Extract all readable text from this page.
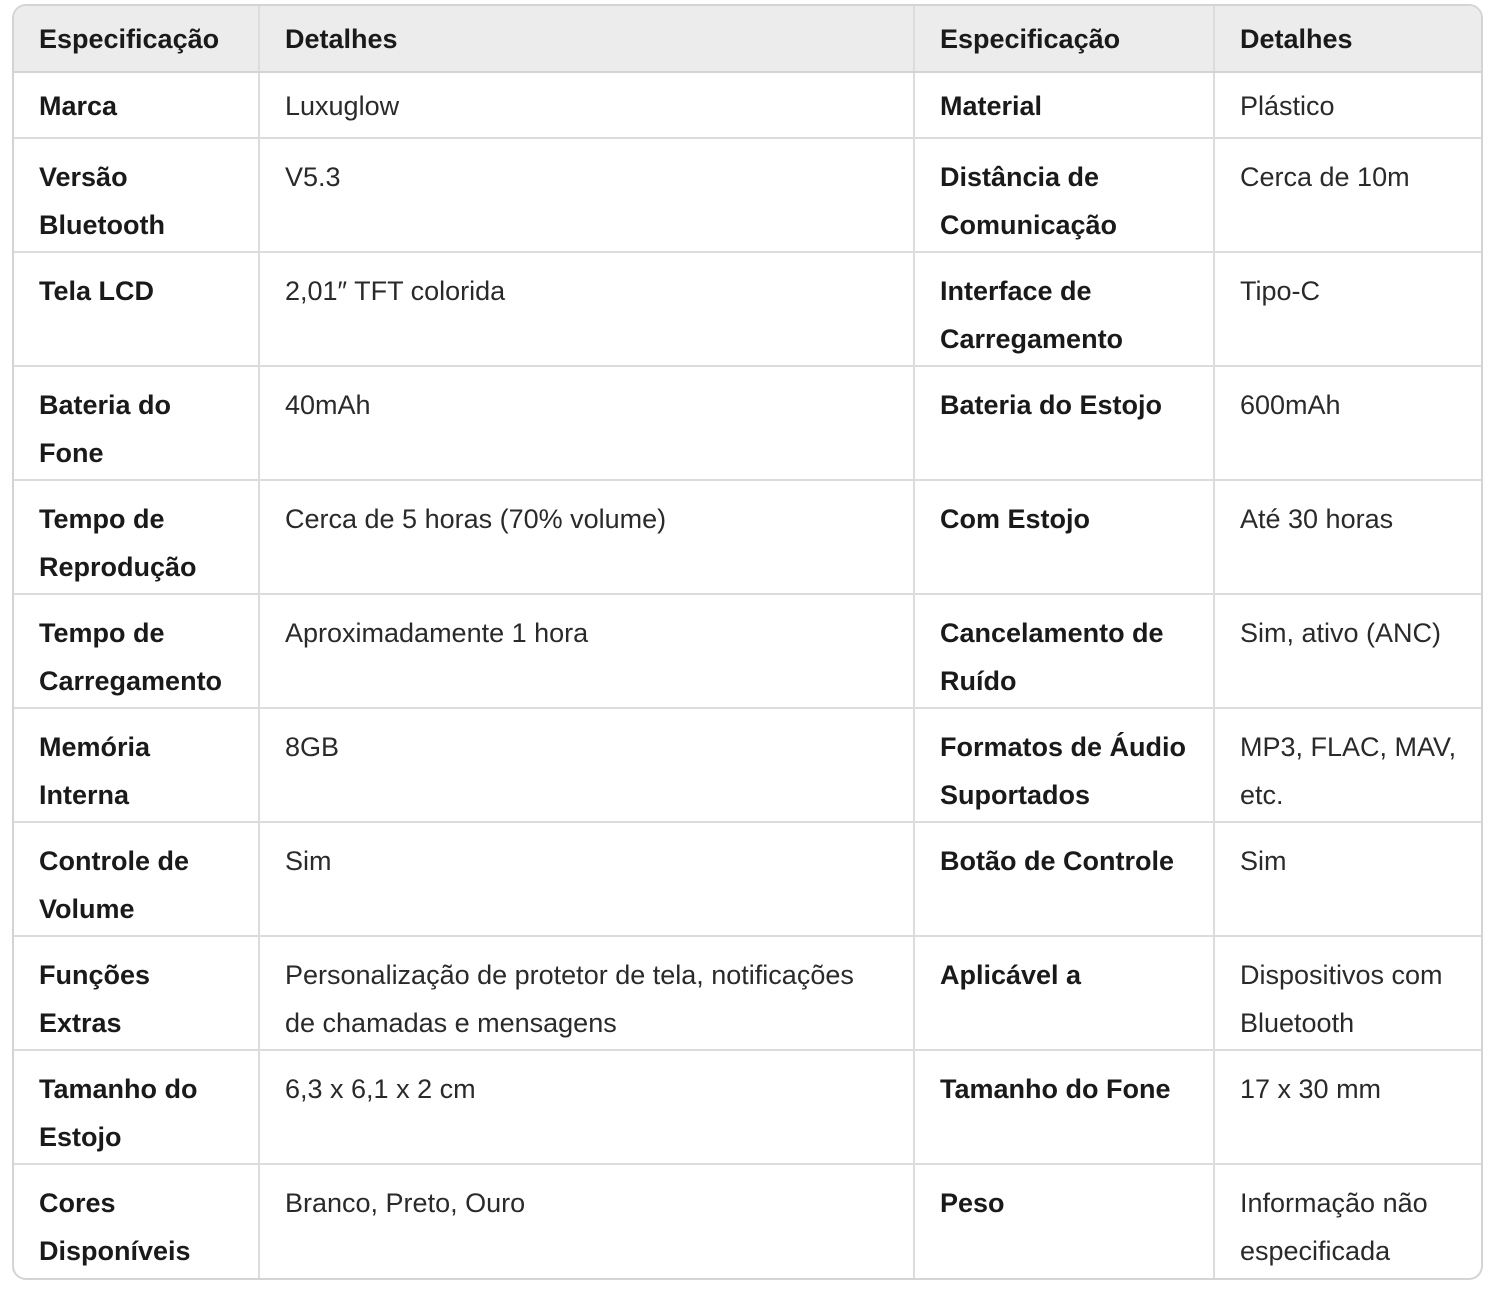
Especificação	Detalhes	Especificação	Detalhes
Marca	Luxuglow	Material	Plástico
Versão Bluetooth	V5.3	Distância de Comunicação	Cerca de 10m
Tela LCD	2,01″ TFT colorida	Interface de Carregamento	Tipo-C
Bateria do Fone	40mAh	Bateria do Estojo	600mAh
Tempo de Reprodução	Cerca de 5 horas (70% volume)	Com Estojo	Até 30 horas
Tempo de Carregamento	Aproximadamente 1 hora	Cancelamento de Ruído	Sim, ativo (ANC)
Memória Interna	8GB	Formatos de Áudio Suportados	MP3, FLAC, MAV, etc.
Controle de Volume	Sim	Botão de Controle	Sim
Funções Extras	Personalização de protetor de tela, notificações de chamadas e mensagens	Aplicável a	Dispositivos com Bluetooth
Tamanho do Estojo	6,3 x 6,1 x 2 cm	Tamanho do Fone	17 x 30 mm
Cores Disponíveis	Branco, Preto, Ouro	Peso	Informação não especificada
